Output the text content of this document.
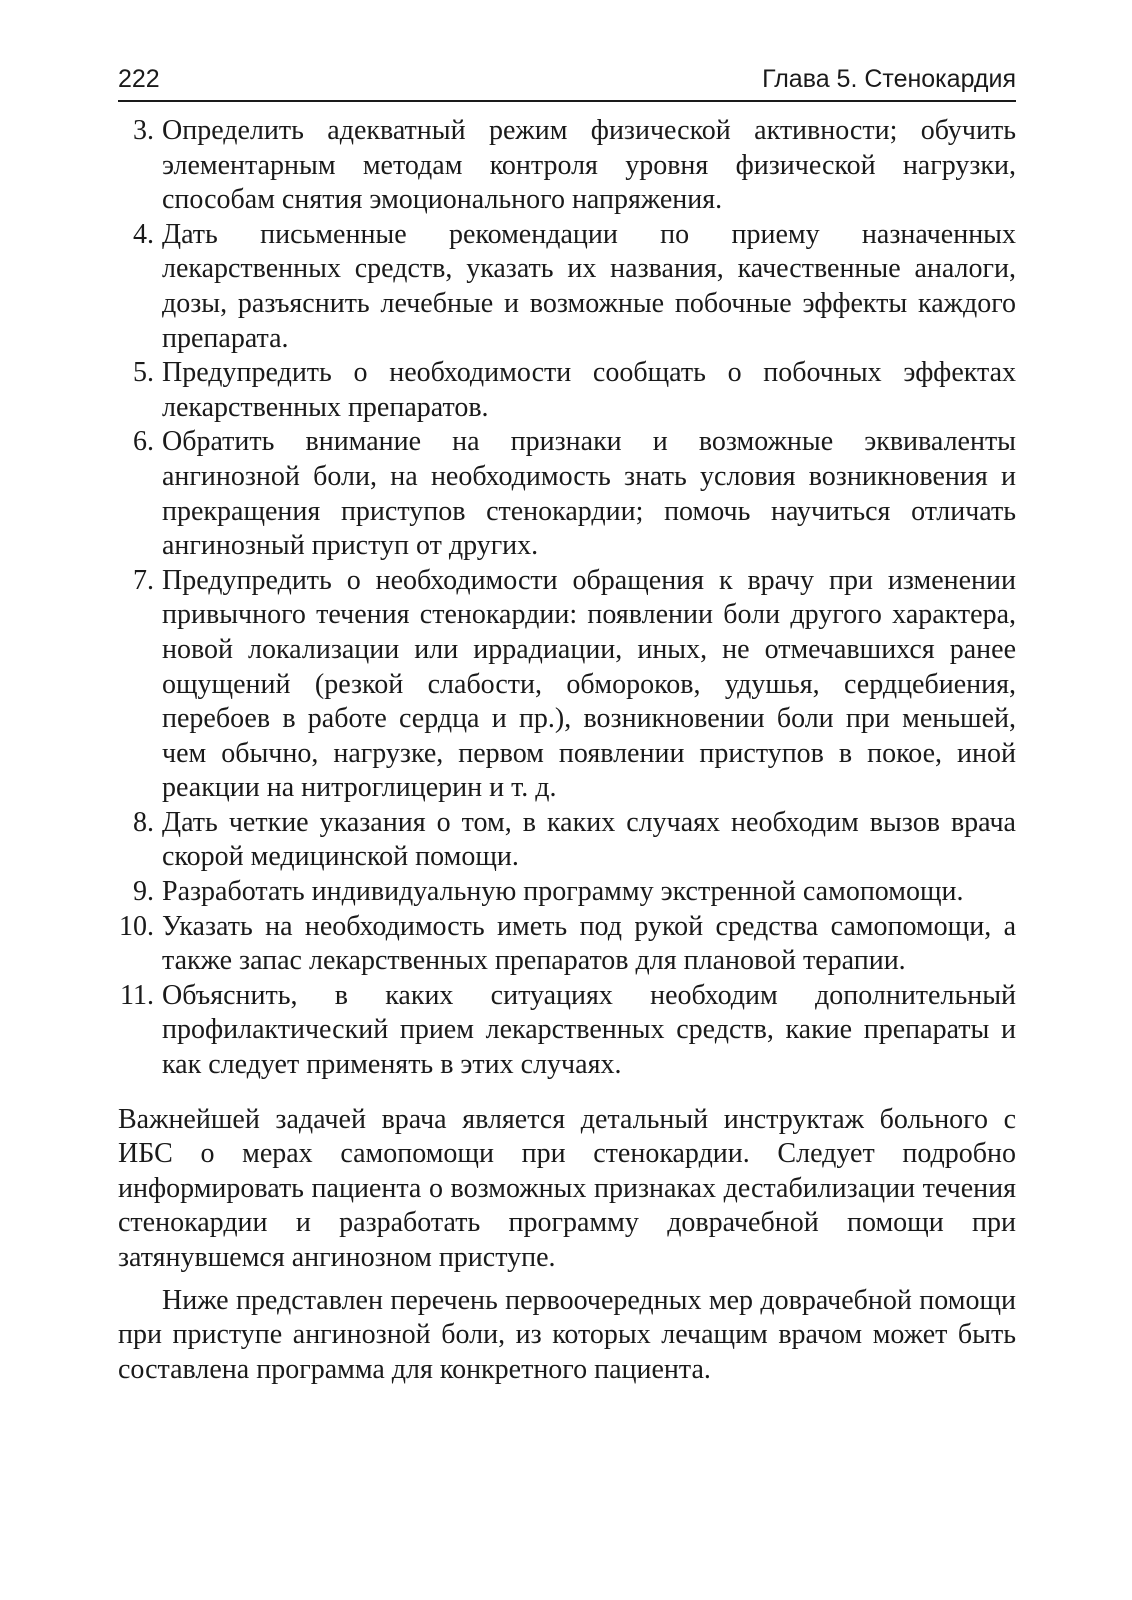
222	Глава 5. Стенокардия
3. Определить адекватный режим физической активности; обучить элементарным методам контроля уровня физической нагрузки, способам снятия эмоционального напряжения.
4. Дать письменные рекомендации по приему назначенных лекарственных средств, указать их названия, качественные аналоги, дозы, разъяснить лечебные и возможные побочные эффекты каждого препарата.
5. Предупредить о необходимости сообщать о побочных эффектах лекарственных препаратов.
6. Обратить внимание на признаки и возможные эквиваленты ангинозной боли, на необходимость знать условия возникновения и прекращения приступов стенокардии; помочь научиться отличать ангинозный приступ от других.
7. Предупредить о необходимости обращения к врачу при изменении привычного течения стенокардии: появлении боли другого характера, новой локализации или иррадиации, иных, не отмечавшихся ранее ощущений (резкой слабости, обмороков, удушья, сердцебиения, перебоев в работе сердца и пр.), возникновении боли при меньшей, чем обычно, нагрузке, первом появлении приступов в покое, иной реакции на нитроглицерин и т. д.
8. Дать четкие указания о том, в каких случаях необходим вызов врача скорой медицинской помощи.
9. Разработать индивидуальную программу экстренной самопомощи.
10. Указать на необходимость иметь под рукой средства самопомощи, а также запас лекарственных препаратов для плановой терапии.
11. Объяснить, в каких ситуациях необходим дополнительный профилактический прием лекарственных средств, какие препараты и как следует применять в этих случаях.

Важнейшей задачей врача является детальный инструктаж больного с ИБС о мерах самопомощи при стенокардии. Следует подробно информировать пациента о возможных признаках дестабилизации течения стенокардии и разработать программу доврачебной помощи при затянувшемся ангинозном приступе.

Ниже представлен перечень первоочередных мер доврачебной помощи при приступе ангинозной боли, из которых лечащим врачом может быть составлена программа для конкретного пациента.
